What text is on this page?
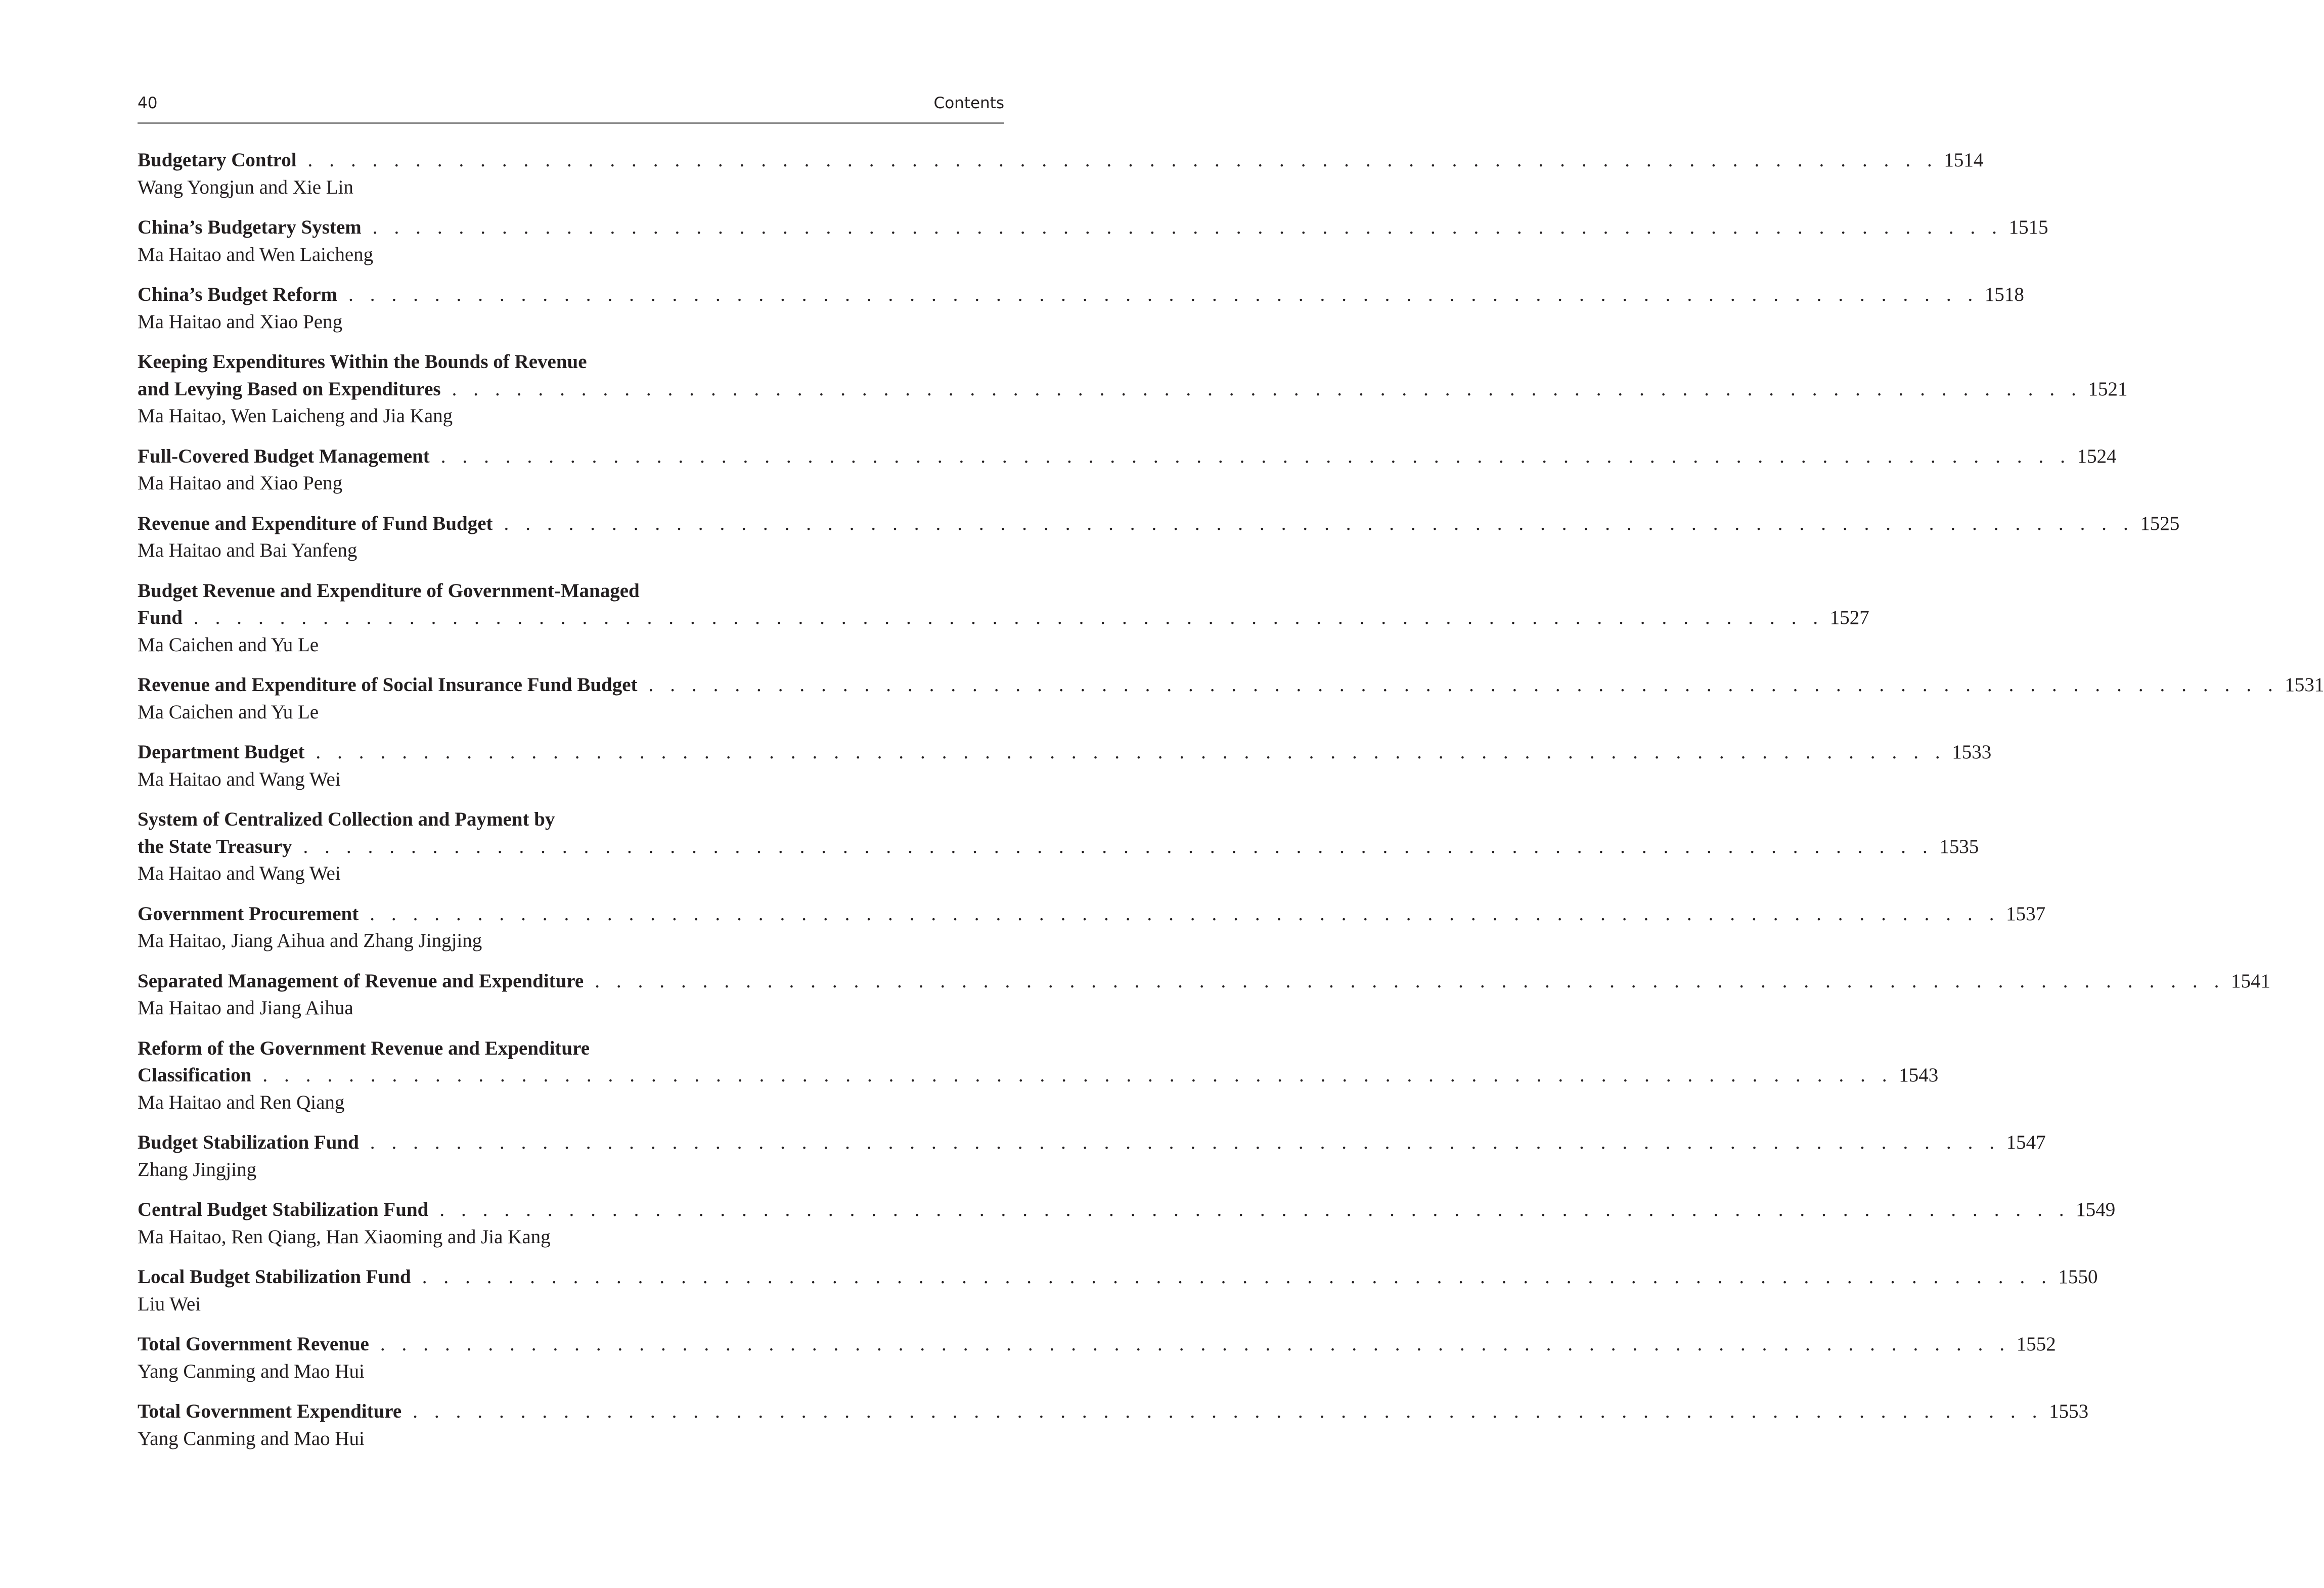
40	Contents
Budgetary Control . . . . . . . . . . . . . . . . . . . . . . . . . . . . . . . . . . . . . . . . . . . . . . . . . . . . . . . . . . . . . . . . . . . . . . . . . . . . 1514
Wang Yongjun and Xie Lin
China’s Budgetary System . . . . . . . . . . . . . . . . . . . . . . . . . . . . . . . . . . . . . . . . . . . . . . . . . . . . . . . . . . . . . . . . . . . . . . . . . . . . 1515
Ma Haitao and Wen Laicheng
China’s Budget Reform . . . . . . . . . . . . . . . . . . . . . . . . . . . . . . . . . . . . . . . . . . . . . . . . . . . . . . . . . . . . . . . . . . . . . . . . . . . . 1518
Ma Haitao and Xiao Peng
Keeping Expenditures Within the Bounds of Revenue
and Levying Based on Expenditures . . . . . . . . . . . . . . . . . . . . . . . . . . . . . . . . . . . . . . . . . . . . . . . . . . . . . . . . . . . . . . . . . . . . . . . . . . . . 1521
Ma Haitao, Wen Laicheng and Jia Kang
Full-Covered Budget Management . . . . . . . . . . . . . . . . . . . . . . . . . . . . . . . . . . . . . . . . . . . . . . . . . . . . . . . . . . . . . . . . . . . . . . . . . . . . 1524
Ma Haitao and Xiao Peng
Revenue and Expenditure of Fund Budget . . . . . . . . . . . . . . . . . . . . . . . . . . . . . . . . . . . . . . . . . . . . . . . . . . . . . . . . . . . . . . . . . . . . . . . . . . . . 1525
Ma Haitao and Bai Yanfeng
Budget Revenue and Expenditure of Government-Managed
Fund . . . . . . . . . . . . . . . . . . . . . . . . . . . . . . . . . . . . . . . . . . . . . . . . . . . . . . . . . . . . . . . . . . . . . . . . . . . . 1527
Ma Caichen and Yu Le
Revenue and Expenditure of Social Insurance Fund Budget . . . . . . . . . . . . . . . . . . . . . . . . . . . . . . . . . . . . . . . . . . . . . . . . . . . . . . . . . . . . . . . . . . . . . . . . . . . . 1531
Ma Caichen and Yu Le
Department Budget . . . . . . . . . . . . . . . . . . . . . . . . . . . . . . . . . . . . . . . . . . . . . . . . . . . . . . . . . . . . . . . . . . . . . . . . . . . . 1533
Ma Haitao and Wang Wei
System of Centralized Collection and Payment by
the State Treasury . . . . . . . . . . . . . . . . . . . . . . . . . . . . . . . . . . . . . . . . . . . . . . . . . . . . . . . . . . . . . . . . . . . . . . . . . . . . 1535
Ma Haitao and Wang Wei
Government Procurement . . . . . . . . . . . . . . . . . . . . . . . . . . . . . . . . . . . . . . . . . . . . . . . . . . . . . . . . . . . . . . . . . . . . . . . . . . . . 1537
Ma Haitao, Jiang Aihua and Zhang Jingjing
Separated Management of Revenue and Expenditure . . . . . . . . . . . . . . . . . . . . . . . . . . . . . . . . . . . . . . . . . . . . . . . . . . . . . . . . . . . . . . . . . . . . . . . . . . . . 1541
Ma Haitao and Jiang Aihua
Reform of the Government Revenue and Expenditure
Classification . . . . . . . . . . . . . . . . . . . . . . . . . . . . . . . . . . . . . . . . . . . . . . . . . . . . . . . . . . . . . . . . . . . . . . . . . . . . 1543
Ma Haitao and Ren Qiang
Budget Stabilization Fund . . . . . . . . . . . . . . . . . . . . . . . . . . . . . . . . . . . . . . . . . . . . . . . . . . . . . . . . . . . . . . . . . . . . . . . . . . . . 1547
Zhang Jingjing
Central Budget Stabilization Fund . . . . . . . . . . . . . . . . . . . . . . . . . . . . . . . . . . . . . . . . . . . . . . . . . . . . . . . . . . . . . . . . . . . . . . . . . . . . 1549
Ma Haitao, Ren Qiang, Han Xiaoming and Jia Kang
Local Budget Stabilization Fund . . . . . . . . . . . . . . . . . . . . . . . . . . . . . . . . . . . . . . . . . . . . . . . . . . . . . . . . . . . . . . . . . . . . . . . . . . . . 1550
Liu Wei
Total Government Revenue . . . . . . . . . . . . . . . . . . . . . . . . . . . . . . . . . . . . . . . . . . . . . . . . . . . . . . . . . . . . . . . . . . . . . . . . . . . . 1552
Yang Canming and Mao Hui
Total Government Expenditure . . . . . . . . . . . . . . . . . . . . . . . . . . . . . . . . . . . . . . . . . . . . . . . . . . . . . . . . . . . . . . . . . . . . . . . . . . . . 1553
Yang Canming and Mao Hui
